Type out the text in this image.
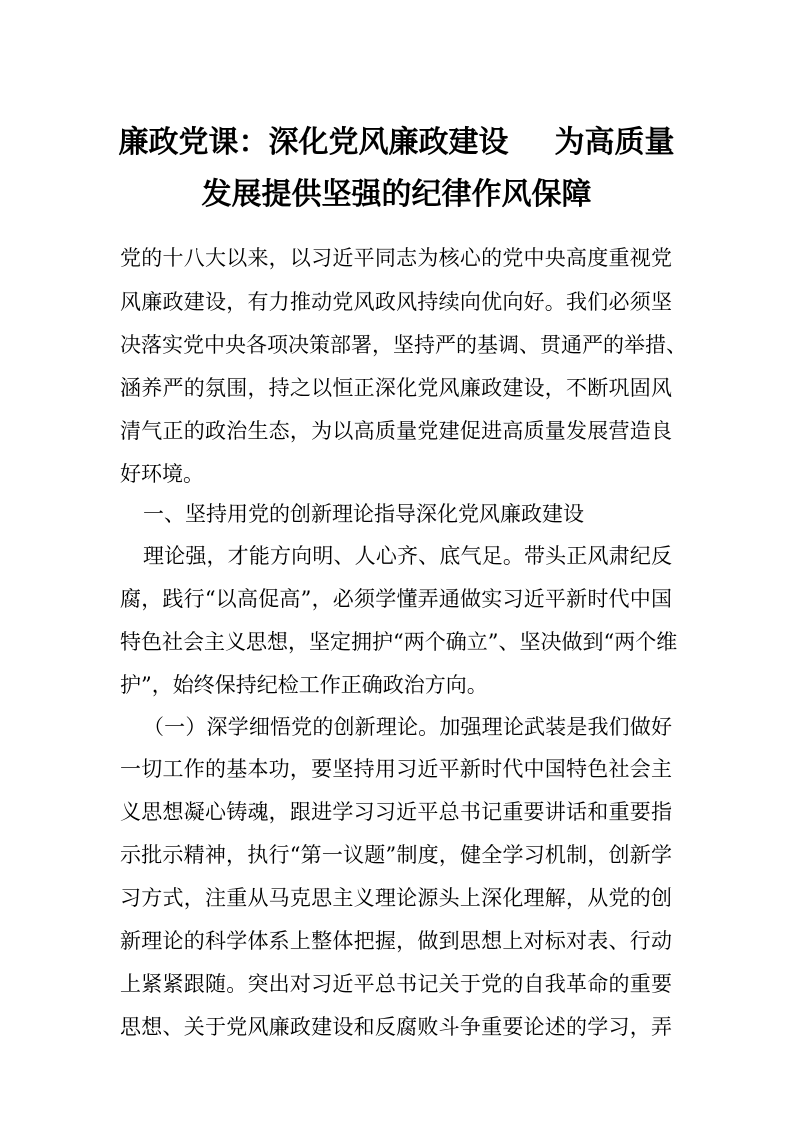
廉政党课：深化党风廉政建设 为高质量
发展提供坚强的纪律作风保障
党的十八大以来，以习近平同志为核心的党中央高度重视党
风廉政建设，有力推动党风政风持续向优向好。我们必须坚
决落实党中央各项决策部署，坚持严的基调、贯通严的举措、
涵养严的氛围，持之以恒正深化党风廉政建设，不断巩固风
清气正的政治生态，为以高质量党建促进高质量发展营造良
好环境。
一、坚持用党的创新理论指导深化党风廉政建设
理论强，才能方向明、人心齐、底气足。带头正风肃纪反
腐，践行“以高促高”，必须学懂弄通做实习近平新时代中国
特色社会主义思想，坚定拥护“两个确立”、坚决做到“两个维
护”，始终保持纪检工作正确政治方向。
（一）深学细悟党的创新理论。加强理论武装是我们做好
一切工作的基本功，要坚持用习近平新时代中国特色社会主
义思想凝心铸魂，跟进学习习近平总书记重要讲话和重要指
示批示精神，执行“第一议题”制度，健全学习机制，创新学
习方式，注重从马克思主义理论源头上深化理解，从党的创
新理论的科学体系上整体把握，做到思想上对标对表、行动
上紧紧跟随。突出对习近平总书记关于党的自我革命的重要
思想、关于党风廉政建设和反腐败斗争重要论述的学习，弄
